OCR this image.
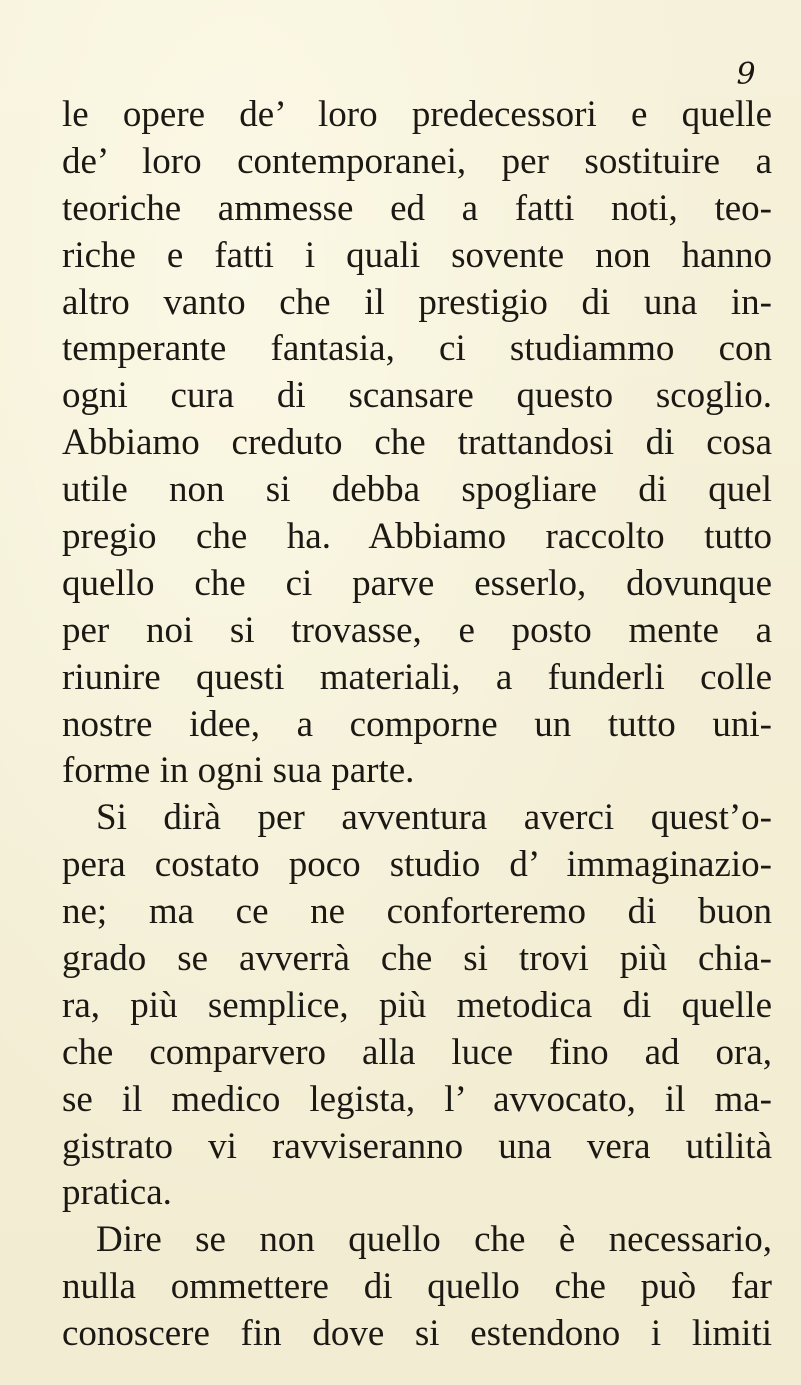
9
le opere de’ loro predecessori e quelle
de’ loro contemporanei, per sostituire a
teoriche ammesse ed a fatti noti, teo-
riche e fatti i quali sovente non hanno
altro vanto che il prestigio di una in-
temperante fantasia, ci studiammo con
ogni cura di scansare questo scoglio.
Abbiamo creduto che trattandosi di cosa
utile non si debba spogliare di quel
pregio che ha. Abbiamo raccolto tutto
quello che ci parve esserlo, dovunque
per noi si trovasse, e posto mente a
riunire questi materiali, a funderli colle
nostre idee, a comporne un tutto uni-
forme in ogni sua parte.
Si dirà per avventura averci quest’o-
pera costato poco studio d’ immaginazio-
ne; ma ce ne conforteremo di buon
grado se avverrà che si trovi più chia-
ra, più semplice, più metodica di quelle
che comparvero alla luce fino ad ora,
se il medico legista, l’ avvocato, il ma-
gistrato vi ravviseranno una vera utilità
pratica.
Dire se non quello che è necessario,
nulla ommettere di quello che può far
conoscere fin dove si estendono i limiti
